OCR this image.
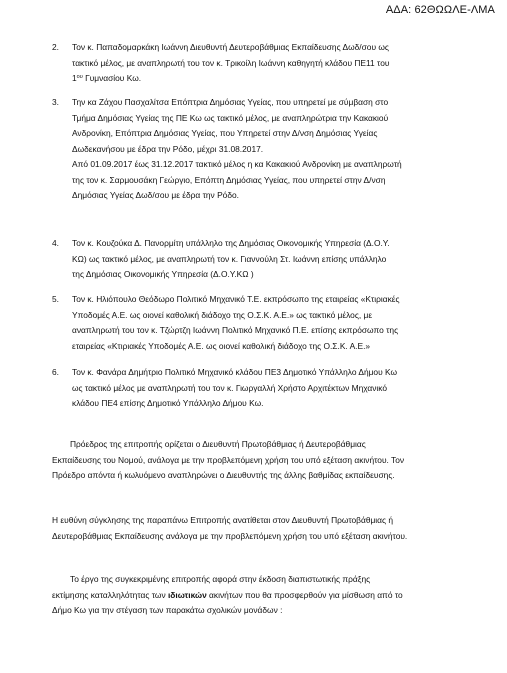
ΑΔΑ: 62ΘΩΩΛΕ-ΛΜΑ
2. Τον κ. Παπαδομαρκάκη Ιωάννη Διευθυντή Δευτεροβάθμιας Εκπαίδευσης Δωδ/σου ως
τακτικό μέλος, με αναπληρωτή του τον κ. Τρικοίλη Ιωάννη καθηγητή κλάδου ΠΕ11 του
$1^{o\upsilon}$ Γυμνασίου Κω.

3. Την κα Ζάχου Πασχαλίτσα Επόπτρια Δημόσιας Υγείας, που υπηρετεί με σύμβαση στο
Τμήμα Δημόσιας Υγείας της ΠΕ Κω ως τακτικό μέλος, με αναπληρώτρια την Κακακιού
Ανδρονίκη, Επόπτρια Δημόσιας Υγείας, που Υπηρετεί στην Δ/νση Δημόσιας Υγείας
Δωδεκανήσου με έδρα την Ρόδο, μέχρι 31.08.2017.
Από 01.09.2017 έως 31.12.2017 τακτικό μέλος η κα Κακακιού Ανδρονίκη με αναπληρωτή
της τον κ. Σαρμουσάκη Γεώργιο, Επόπτη Δημόσιας Υγείας, που υπηρετεί στην Δ/νση
Δημόσιας Υγείας Δωδ/σου με έδρα την Ρόδο.

4. Τον κ. Κουζούκα Δ. Πανορμίτη υπάλληλο της Δημόσιας Οικονομικής Υπηρεσία (Δ.Ο.Υ.
ΚΩ) ως τακτικό μέλος, με αναπληρωτή τον κ. Γιαννούλη Στ. Ιωάννη επίσης υπάλληλο
της Δημόσιας Οικονομικής Υπηρεσία (Δ.Ο.Υ.ΚΩ )

5. Τον κ. Ηλιόπουλο Θεόδωρο Πολιτικό Μηχανικό Τ.Ε. εκπρόσωπο της εταιρείας «Κτιριακές
Υποδομές Α.Ε. ως οιονεί καθολική διάδοχο της Ο.Σ.Κ. Α.Ε.» ως τακτικό μέλος, με
αναπληρωτή του τον κ. Τζώρτζη Ιωάννη Πολιτικό Μηχανικό Π.Ε. επίσης εκπρόσωπο της
εταιρείας «Κτιριακές Υποδομές Α.Ε. ως οιονεί καθολική διάδοχο της Ο.Σ.Κ. Α.Ε.»

6. Τον κ. Φανάρα Δημήτριο Πολιτικό Μηχανικό κλάδου ΠΕ3 Δημοτικό Υπάλληλο Δήμου Κω
ως τακτικό μέλος με αναπληρωτή του τον κ. Γιωργαλλή Χρήστο Αρχιτέκτων Μηχανικό
κλάδου ΠΕ4 επίσης Δημοτικό Υπάλληλο Δήμου Κω.

Πρόεδρος της επιτροπής ορίζεται ο Διευθυντή Πρωτοβάθμιας ή Δευτεροβάθμιας
Εκπαίδευσης του Νομού, ανάλογα με την προβλεπόμενη χρήση του υπό εξέταση ακινήτου. Τον
Πρόεδρο απόντα ή κωλυόμενο αναπληρώνει ο Διευθυντής της άλλης βαθμίδας εκπαίδευσης.

Η ευθύνη σύγκλησης της παραπάνω Επιτροπής ανατίθεται στον Διευθυντή Πρωτοβάθμιας ή
Δευτεροβάθμιας Εκπαίδευσης ανάλογα με την προβλεπόμενη χρήση του υπό εξέταση ακινήτου.

Το έργο της συγκεκριμένης επιτροπής αφορά στην έκδοση διαπιστωτικής πράξης
εκτίμησης καταλληλότητας των ιδιωτικών ακινήτων που θα προσφερθούν για μίσθωση από το
Δήμο Κω για την στέγαση των παρακάτω σχολικών μονάδων :
